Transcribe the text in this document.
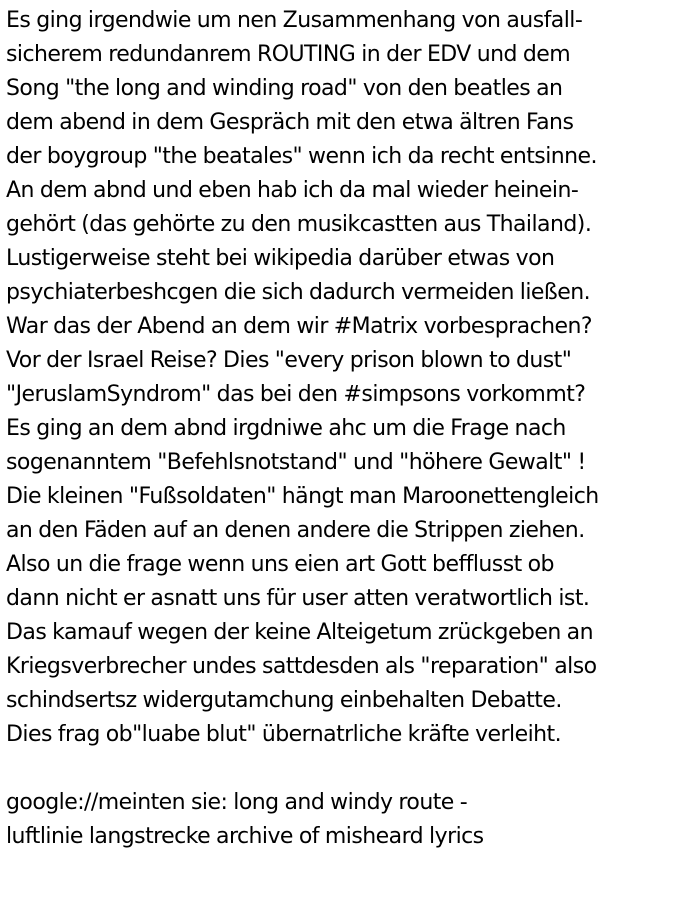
Es ging irgendwie um nen Zusammenhang von ausfall-
sicherem redundanrem ROUTING in der EDV und dem
Song "the long and winding road" von den beatles an
dem abend in dem Gespräch mit den etwa ältren Fans
der boygroup "the beatales" wenn ich da recht entsinne.
An dem abnd und eben hab ich da mal wieder heinein-
gehört (das gehörte zu den musikcastten aus Thailand).
Lustigerweise steht bei wikipedia darüber etwas von
psychiaterbeshcgen die sich dadurch vermeiden ließen.
War das der Abend an dem wir #Matrix vorbesprachen?
Vor der Israel Reise? Dies "every prison blown to dust"
"JeruslamSyndrom" das bei den #simpsons vorkommt?
Es ging an dem abnd irgdniwe ahc um die Frage nach
sogenanntem "Befehlsnotstand" und "höhere Gewalt" !
Die kleinen "Fußsoldaten" hängt man Maroonettengleich
an den Fäden auf an denen andere die Strippen ziehen.
Also un die frage wenn uns eien art Gott befflusst ob
dann nicht er asnatt uns für user atten veratwortlich ist.
Das kamauf wegen der keine Alteigetum zrückgeben an
Kriegsverbrecher undes sattdesden als "reparation" also
schindsertsz widergutamchung einbehalten Debatte.
Dies frag ob"luabe blut" übernatrliche kräfte verleiht.
google://meinten sie: long and windy route -
luftlinie langstrecke archive of misheard lyrics
